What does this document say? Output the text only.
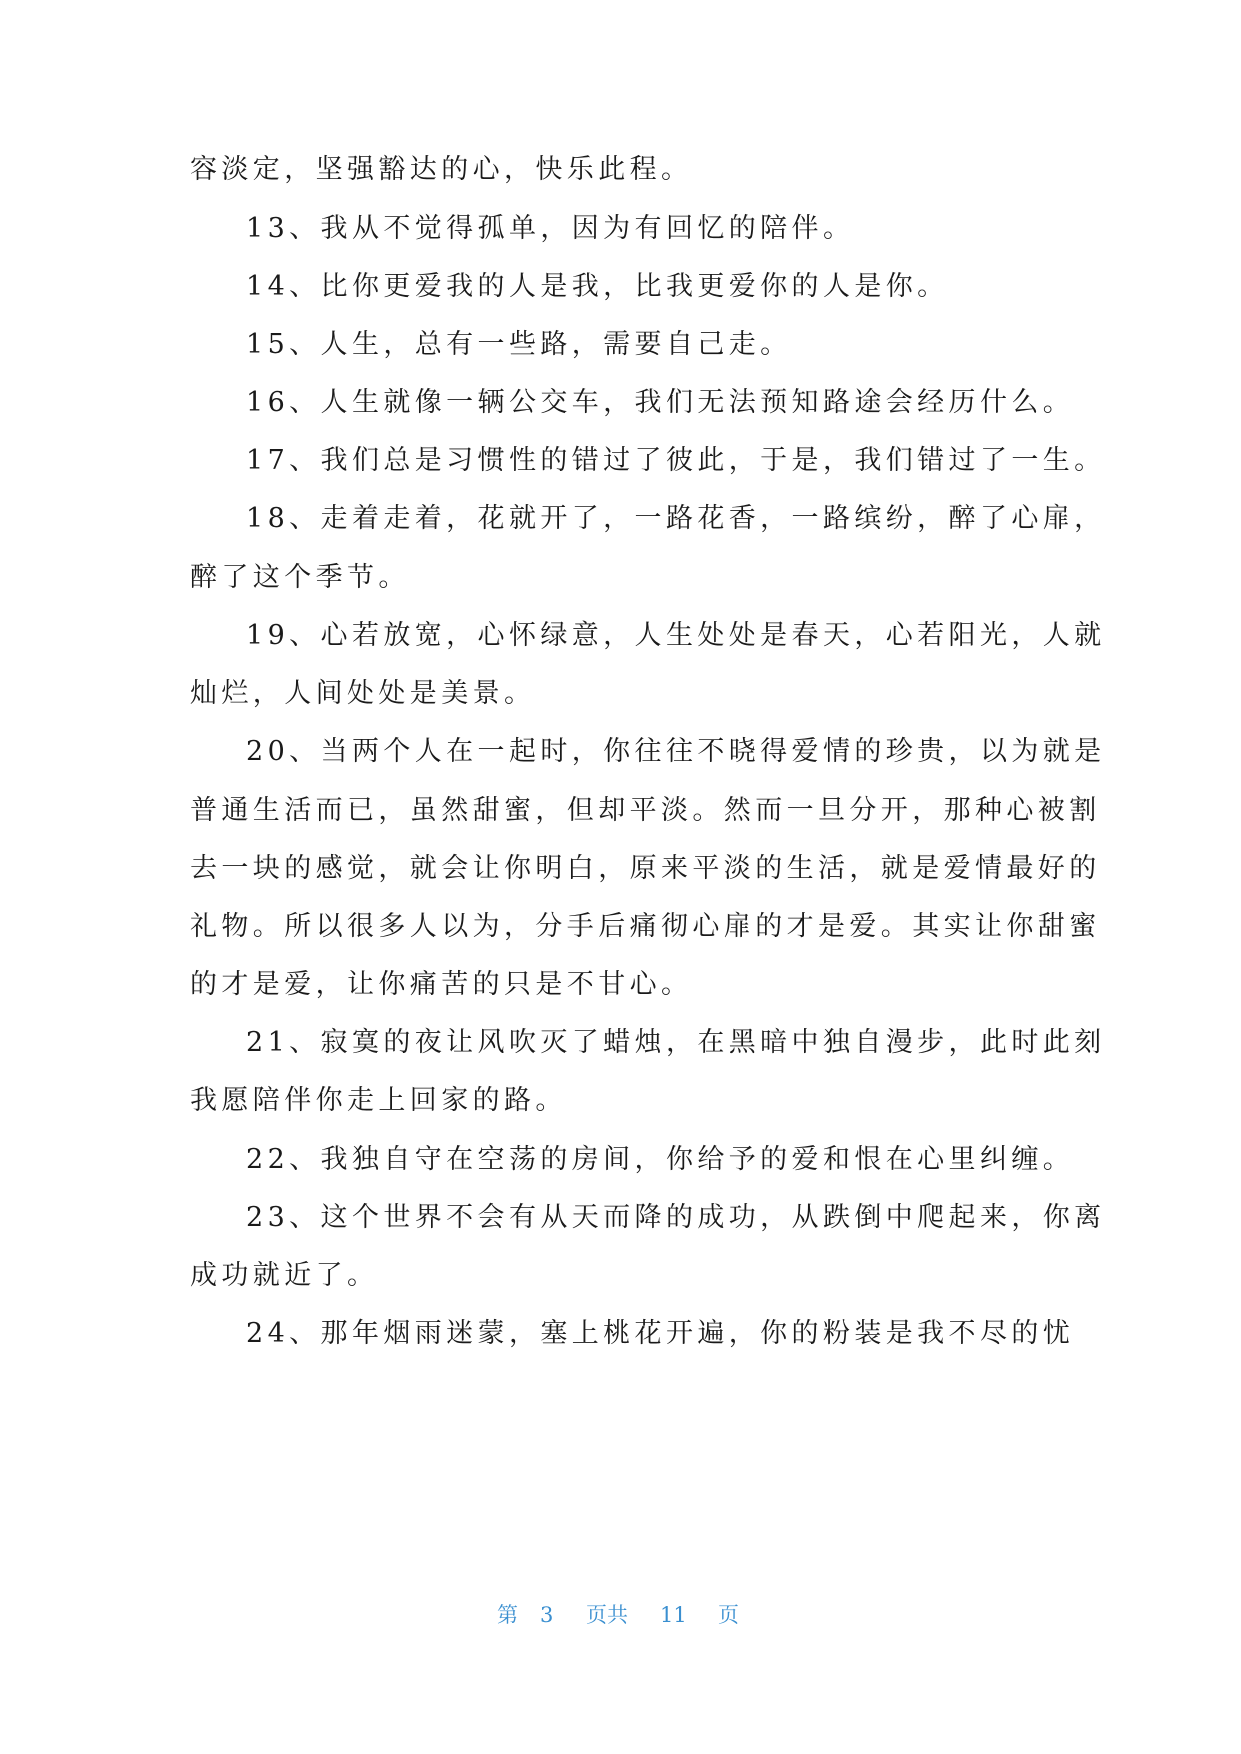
容淡定，坚强豁达的心，快乐此程。
13、我从不觉得孤单，因为有回忆的陪伴。
14、比你更爱我的人是我，比我更爱你的人是你。
15、人生，总有一些路，需要自己走。
16、人生就像一辆公交车，我们无法预知路途会经历什么。
17、我们总是习惯性的错过了彼此，于是，我们错过了一生。
18、走着走着，花就开了，一路花香，一路缤纷，醉了心扉，
醉了这个季节。
19、心若放宽，心怀绿意，人生处处是春天，心若阳光，人就
灿烂，人间处处是美景。
20、当两个人在一起时，你往往不晓得爱情的珍贵，以为就是
普通生活而已，虽然甜蜜，但却平淡。然而一旦分开，那种心被割
去一块的感觉，就会让你明白，原来平淡的生活，就是爱情最好的
礼物。所以很多人以为，分手后痛彻心扉的才是爱。其实让你甜蜜
的才是爱，让你痛苦的只是不甘心。
21、寂寞的夜让风吹灭了蜡烛，在黑暗中独自漫步，此时此刻
我愿陪伴你走上回家的路。
22、我独自守在空荡的房间，你给予的爱和恨在心里纠缠。
23、这个世界不会有从天而降的成功，从跌倒中爬起来，你离
成功就近了。
24、那年烟雨迷蒙，塞上桃花开遍，你的粉装是我不尽的忧
第 3 页共 11 页
